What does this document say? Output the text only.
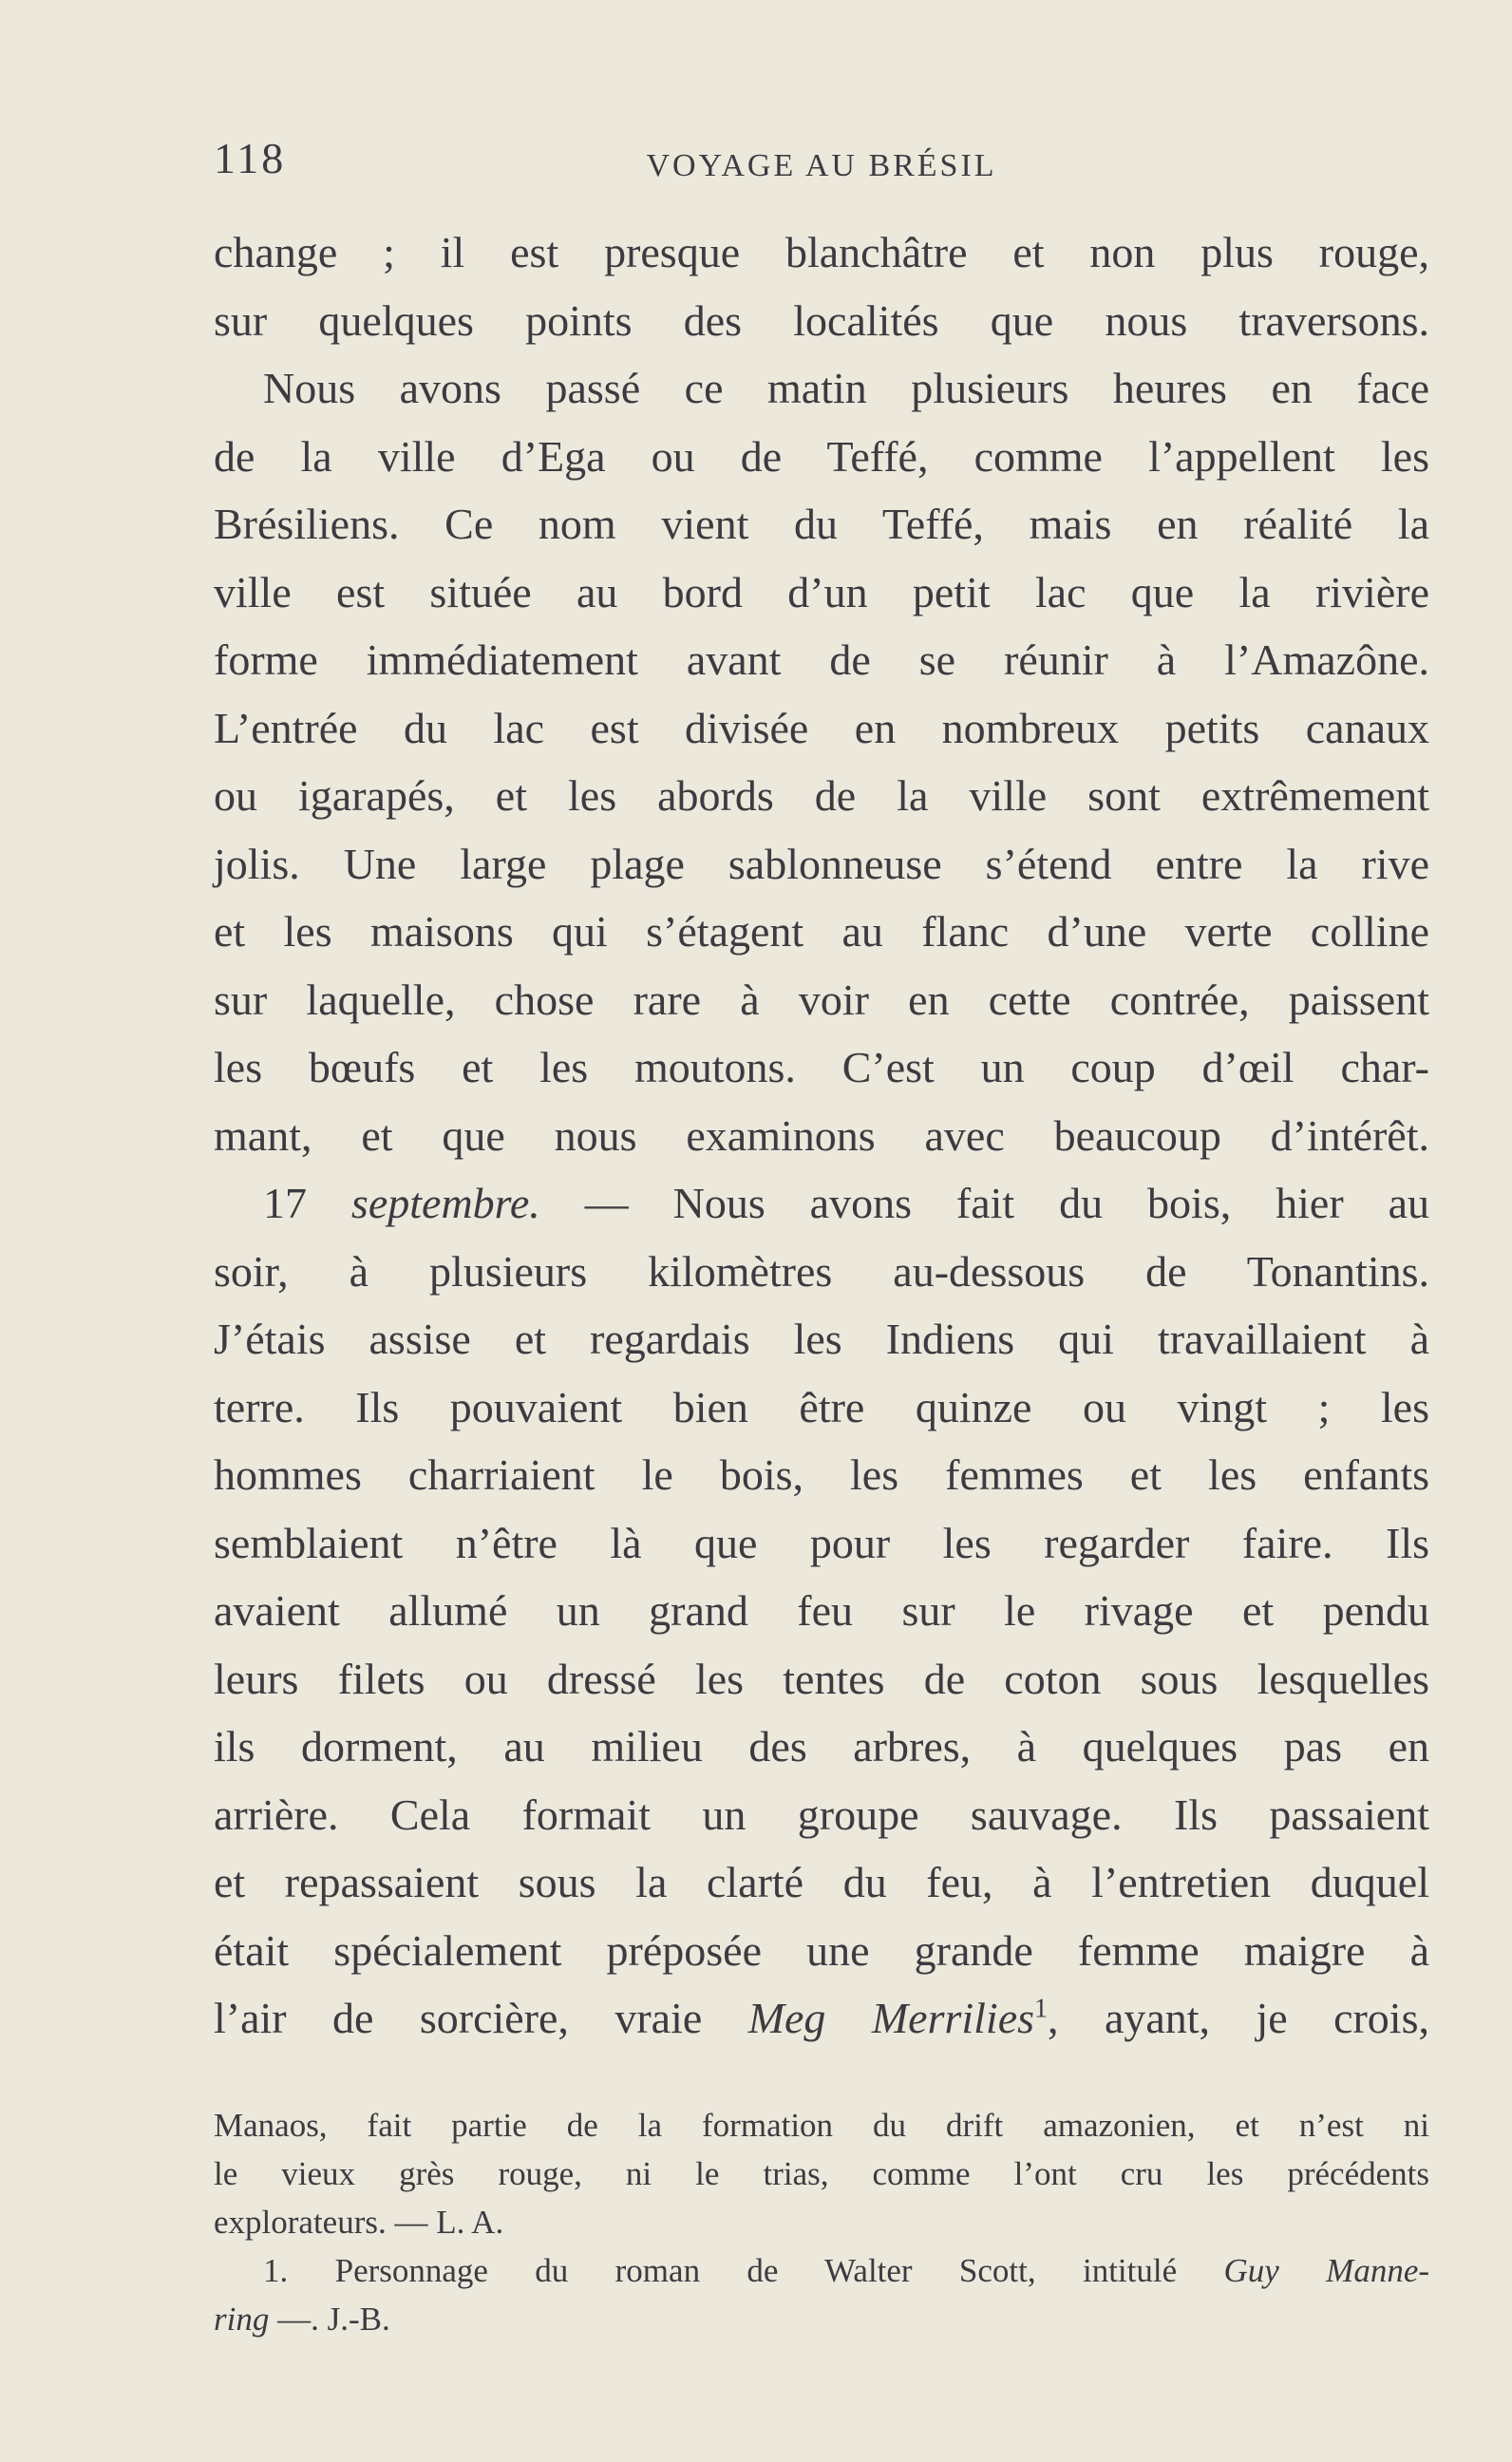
118	VOYAGE AU BRÉSIL
change ; il est presque blanchâtre et non plus rouge,
sur quelques points des localités que nous traversons.
Nous avons passé ce matin plusieurs heures en face
de la ville d’Ega ou de Teffé, comme l’appellent les
Brésiliens. Ce nom vient du Teffé, mais en réalité la
ville est située au bord d’un petit lac que la rivière
forme immédiatement avant de se réunir à l’Amazône.
L’entrée du lac est divisée en nombreux petits canaux
ou igarapés, et les abords de la ville sont extrêmement
jolis. Une large plage sablonneuse s’étend entre la rive
et les maisons qui s’étagent au flanc d’une verte colline
sur laquelle, chose rare à voir en cette contrée, paissent
les bœufs et les moutons. C’est un coup d’œil char-
mant, et que nous examinons avec beaucoup d’intérêt.
17 septembre. — Nous avons fait du bois, hier au
soir, à plusieurs kilomètres au-dessous de Tonantins.
J’étais assise et regardais les Indiens qui travaillaient à
terre. Ils pouvaient bien être quinze ou vingt ; les
hommes charriaient le bois, les femmes et les enfants
semblaient n’être là que pour les regarder faire. Ils
avaient allumé un grand feu sur le rivage et pendu
leurs filets ou dressé les tentes de coton sous lesquelles
ils dorment, au milieu des arbres, à quelques pas en
arrière. Cela formait un groupe sauvage. Ils passaient
et repassaient sous la clarté du feu, à l’entretien duquel
était spécialement préposée une grande femme maigre à
l’air de sorcière, vraie Meg Merrilies$^1$, ayant, je crois,
Manaos, fait partie de la formation du drift amazonien, et n’est ni
le vieux grès rouge, ni le trias, comme l’ont cru les précédents
explorateurs. — L. A.
1. Personnage du roman de Walter Scott, intitulé Guy Manne-
ring —. J.-B.
